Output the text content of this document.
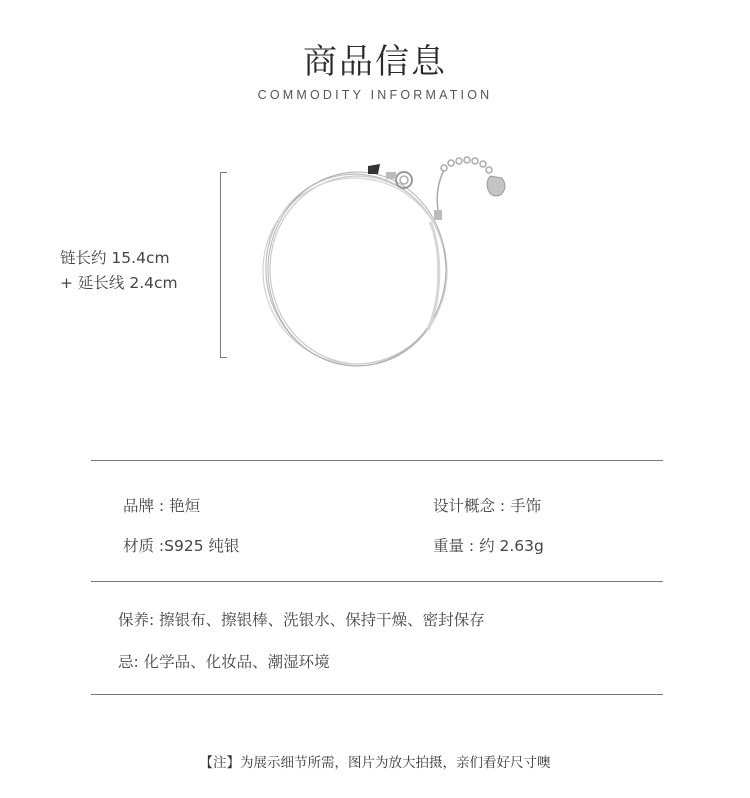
商品信息
COMMODITY INFORMATION
链长约 15.4cm
+ 延长线 2.4cm
品牌 : 艳烜	设计概念 : 手饰
材质 :S925 纯银	重量 : 约 2.63g
保养: 擦银布、擦银棒、洗银水、保持干燥、密封保存
忌: 化学品、化妆品、潮湿环境
【注】为展示细节所需，图片为放大拍摄，亲们看好尺寸噢
